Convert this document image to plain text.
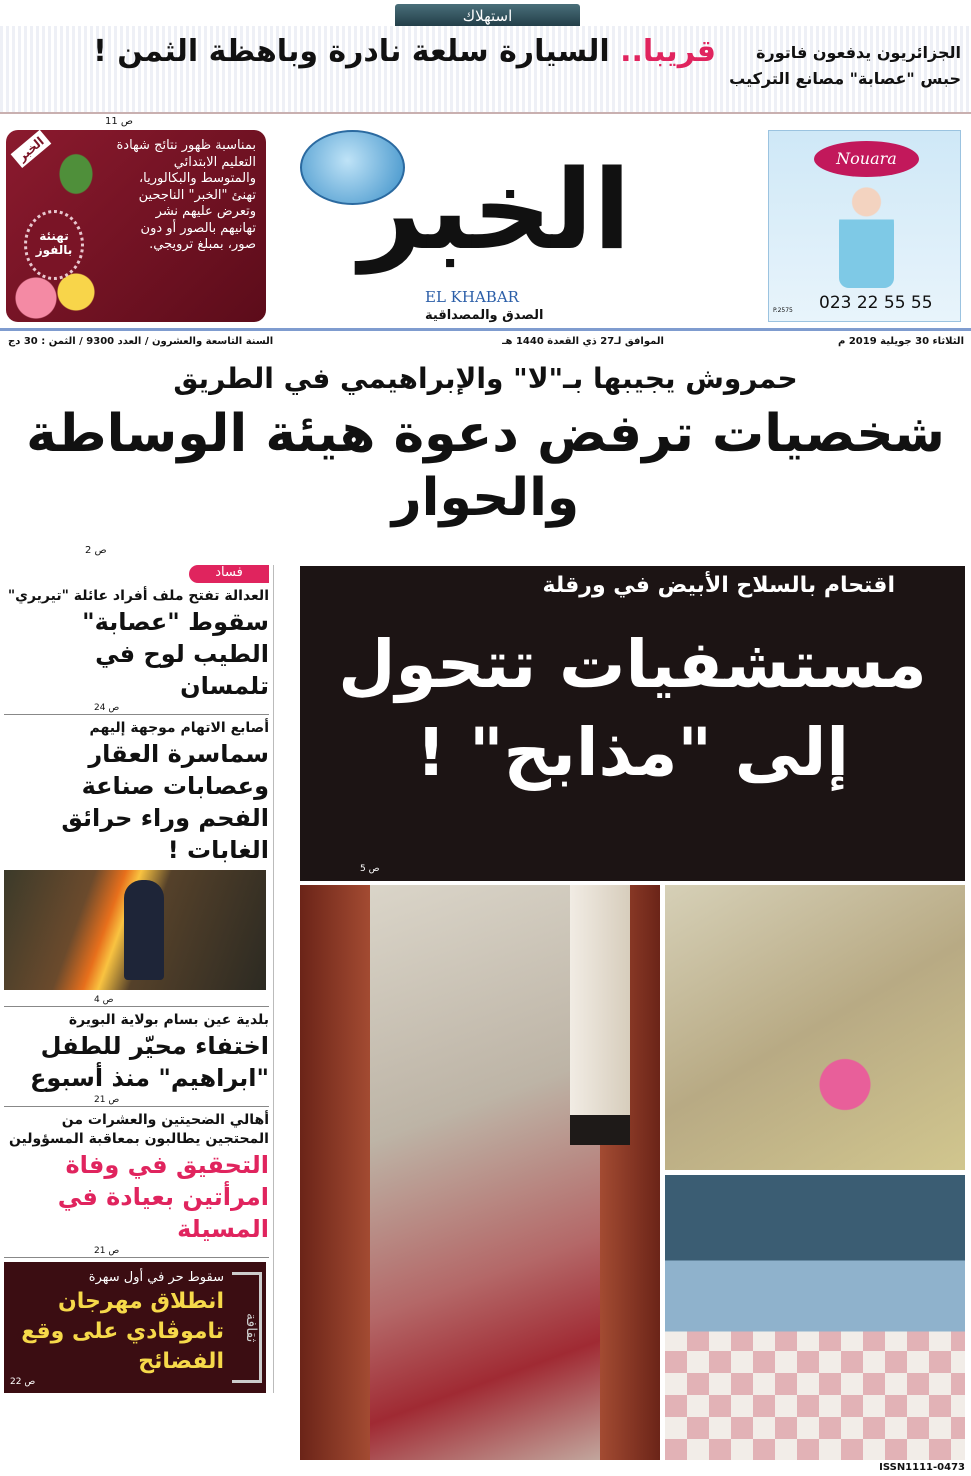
استهلاك
الجزائريون يدفعون فاتورة حبس "عصابة" مصانع التركيب
قريبا.. السيارة سلعة نادرة وباهظة الثمن !
ص 11
الخبر
تهنئة بالفوز
بمناسبة ظهور نتائج شهادة التعليم الابتدائي والمتوسط والبكالوريا، تهنئ "الخبر" الناجحين وتعرض عليهم نشر تهانيهم بالصور أو دون صور، بمبلغ ترويجي. الخبر
EL KHABAR
الصدق والمصداقية
Nouara
023 22 55 55
P.2575
الثلاثاء 30 جويلية 2019 م
الموافق لـ27 ذي القعدة 1440 هـ
السنة التاسعة والعشرون / العدد 9300 / الثمن : 30 دج
حمروش يجيبها بـ"لا" والإبراهيمي في الطريق
شخصيات ترفض دعوة هيئة الوساطة والحوار
ص 2
فساد
العدالة تفتح ملف أفراد عائلة "تيريري"
سقوط "عصابة" الطيب لوح في تلمسان
ص 24
أصابع الاتهام موجهة إليهم
سماسرة العقار وعصابات صناعة الفحم وراء حرائق الغابات !
ص 4
بلدية عين بسام بولاية البويرة
اختفاء محيّر للطفل "ابراهيم" منذ أسبوع
ص 21
أهالي الضحيتين والعشرات من المحتجين يطالبون بمعاقبة المسؤولين
التحقيق في وفاة امرأتين بعيادة في المسيلة
ص 21
ثقافة
سقوط حر في أول سهرة
انطلاق مهرجان تاموڤادي على وقع الفضائح
ص 22
اقتحام بالسلاح الأبيض في ورقلة
مستشفيات تتحول إلى "مذابح" !
ص 5
ISSN1111-0473
